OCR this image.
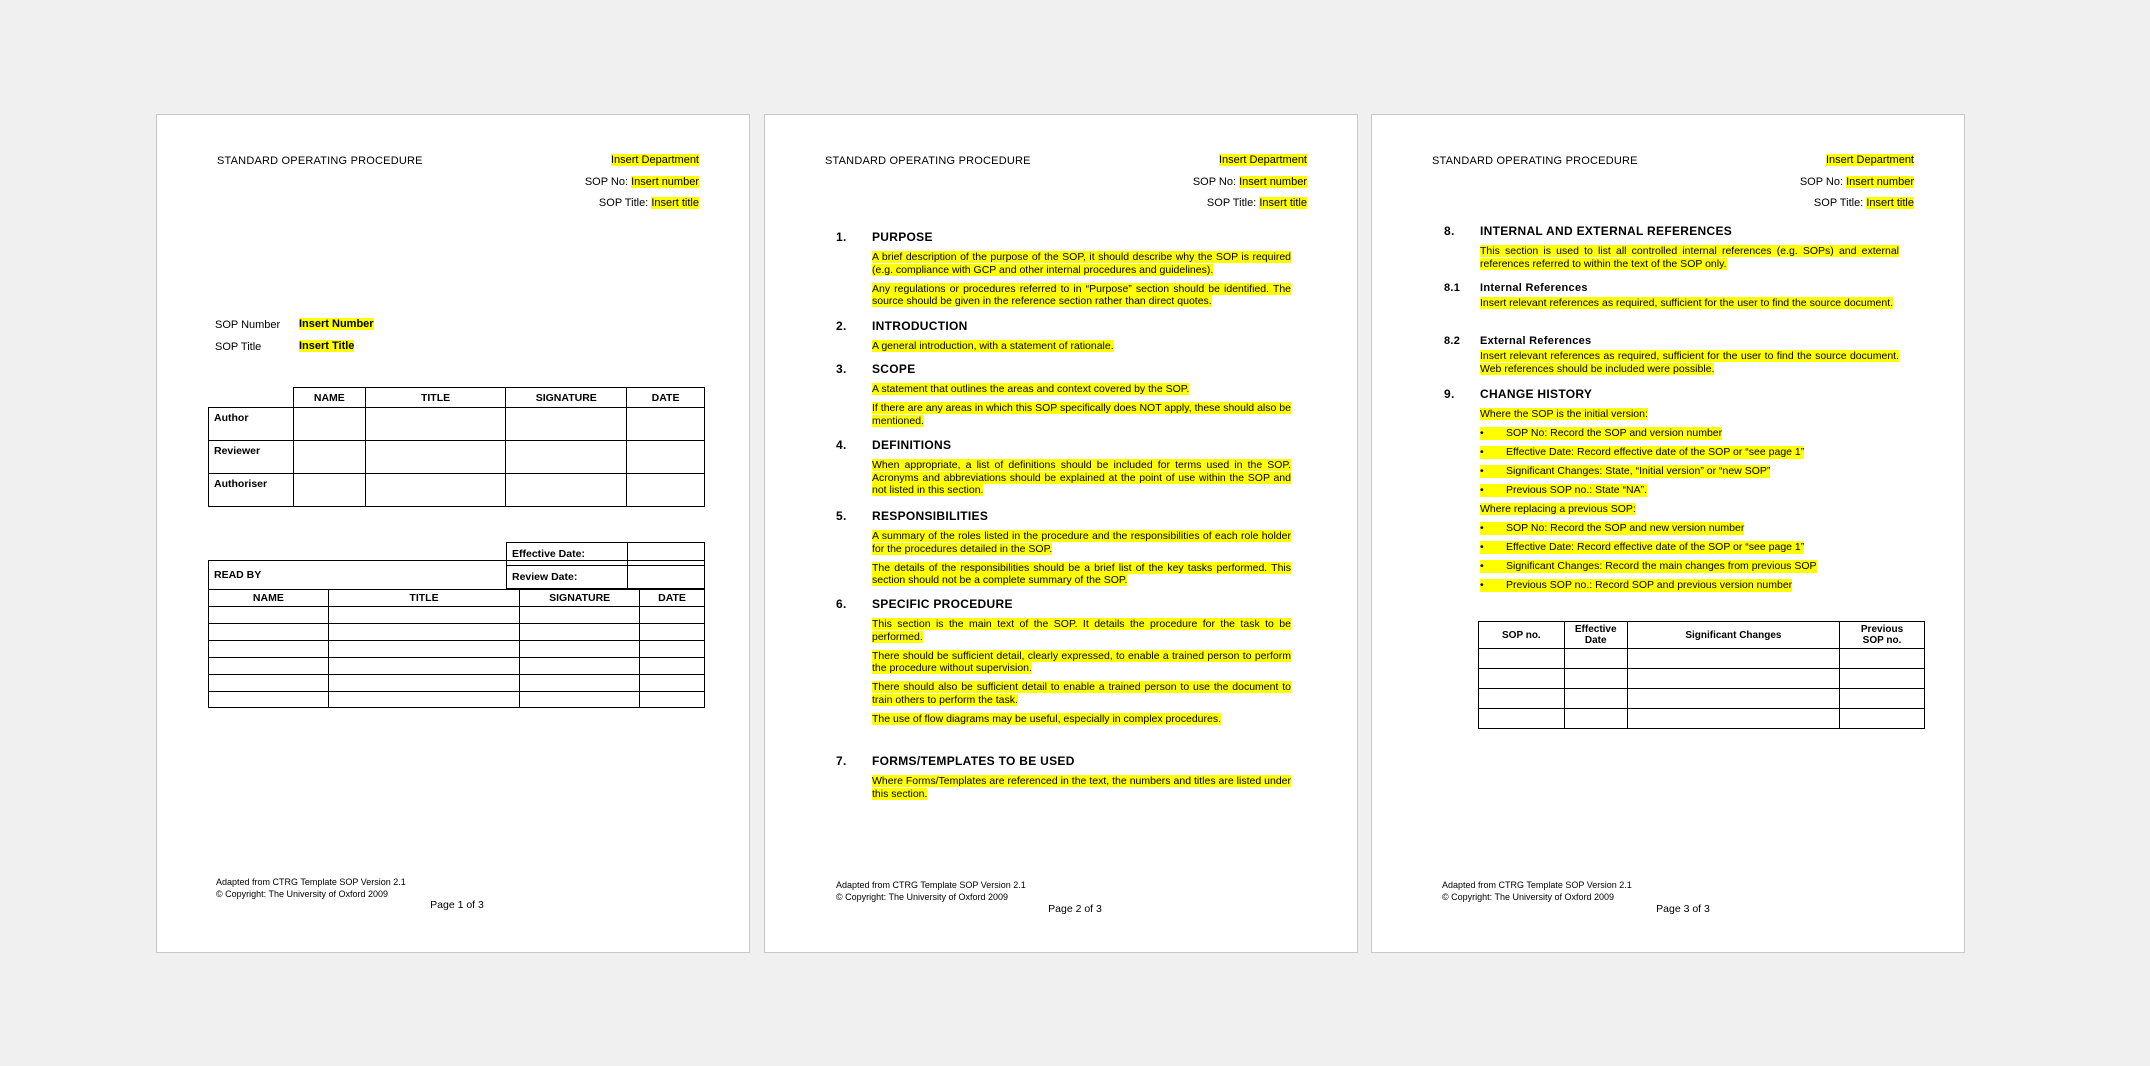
STANDARD OPERATING PROCEDURE	Insert Department
SOP No: Insert number
SOP Title: Insert title
SOP Number Insert Number
SOP Title	Insert Title
	NAME	TITLE	SIGNATURE	DATE
Author				
Reviewer				
Authoriser				
Effective Date:	
Review Date:	
READ BY			
NAME	TITLE	SIGNATURE	DATE

Adapted from CTRG Template SOP Version 2.1
© Copyright: The University of Oxford 2009
Page 1 of 3
STANDARD OPERATING PROCEDURE	Insert Department
SOP No: Insert number
SOP Title: Insert title
1. PURPOSE

A brief description of the purpose of the SOP, it should describe why the SOP is required (e.g. compliance with GCP and other internal procedures and guidelines).

Any regulations or procedures referred to in “Purpose” section should be identified. The source should be given in the reference section rather than direct quotes.

2. INTRODUCTION

A general introduction, with a statement of rationale.

3. SCOPE

A statement that outlines the areas and context covered by the SOP.

If there are any areas in which this SOP specifically does NOT apply, these should also be mentioned.

4. DEFINITIONS

When appropriate, a list of definitions should be included for terms used in the SOP. Acronyms and abbreviations should be explained at the point of use within the SOP and not listed in this section.

5. RESPONSIBILITIES

A summary of the roles listed in the procedure and the responsibilities of each role holder for the procedures detailed in the SOP.

The details of the responsibilities should be a brief list of the key tasks performed. This section should not be a complete summary of the SOP.

6. SPECIFIC PROCEDURE

This section is the main text of the SOP. It details the procedure for the task to be performed.

There should be sufficient detail, clearly expressed, to enable a trained person to perform the procedure without supervision.

There should also be sufficient detail to enable a trained person to use the document to train others to perform the task.

The use of flow diagrams may be useful, especially in complex procedures.

7. FORMS/TEMPLATES TO BE USED

Where Forms/Templates are referenced in the text, the numbers and titles are listed under this section.

Adapted from CTRG Template SOP Version 2.1
© Copyright: The University of Oxford 2009
Page 2 of 3
STANDARD OPERATING PROCEDURE	Insert Department
SOP No: Insert number
SOP Title: Insert title
8. INTERNAL AND EXTERNAL REFERENCES

This section is used to list all controlled internal references (e.g. SOPs) and external references referred to within the text of the SOP only.

8.1 Internal References

Insert relevant references as required, sufficient for the user to find the source document.

8.2 External References

Insert relevant references as required, sufficient for the user to find the source document. Web references should be included were possible.

9. CHANGE HISTORY

Where the SOP is the initial version:

• SOP No: Record the SOP and version number
• Effective Date: Record effective date of the SOP or “see page 1”
• Significant Changes: State, “Initial version” or “new SOP”
• Previous SOP no.: State “NA”.

Where replacing a previous SOP:

• SOP No: Record the SOP and new version number
• Effective Date: Record effective date of the SOP or “see page 1”
• Significant Changes: Record the main changes from previous SOP
• Previous SOP no.: Record SOP and previous version number
SOP no.	Effective Date	Significant Changes	Previous SOP no.

Adapted from CTRG Template SOP Version 2.1
© Copyright: The University of Oxford 2009
Page 3 of 3
